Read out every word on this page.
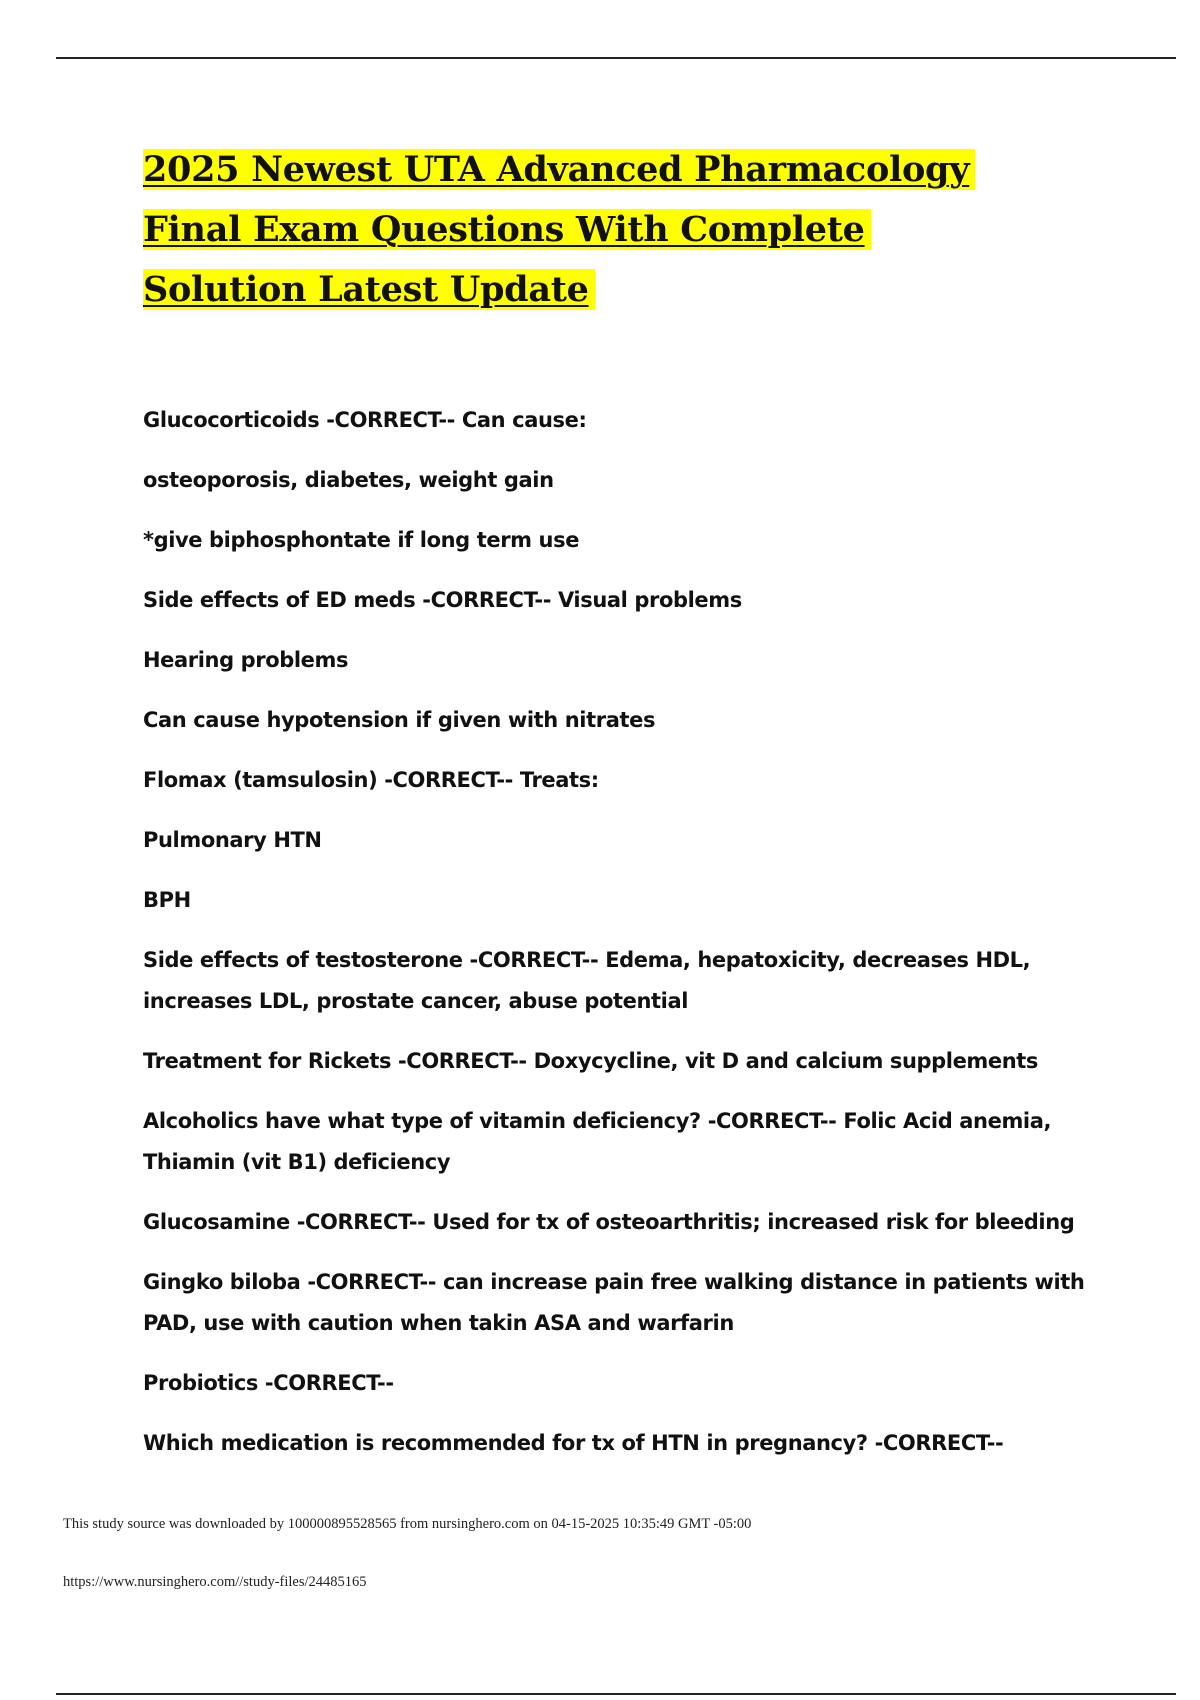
2025 Newest UTA Advanced Pharmacology
Final Exam Questions With Complete
Solution Latest Update
Glucocorticoids -CORRECT-- Can cause:
osteoporosis, diabetes, weight gain
*give biphosphontate if long term use
Side effects of ED meds -CORRECT-- Visual problems
Hearing problems
Can cause hypotension if given with nitrates
Flomax (tamsulosin) -CORRECT-- Treats:
Pulmonary HTN
BPH
Side effects of testosterone -CORRECT-- Edema, hepatoxicity, decreases HDL,
increases LDL, prostate cancer, abuse potential
Treatment for Rickets -CORRECT-- Doxycycline, vit D and calcium supplements
Alcoholics have what type of vitamin deficiency? -CORRECT-- Folic Acid anemia,
Thiamin (vit B1) deficiency
Glucosamine -CORRECT-- Used for tx of osteoarthritis; increased risk for bleeding
Gingko biloba -CORRECT-- can increase pain free walking distance in patients with
PAD, use with caution when takin ASA and warfarin
Probiotics -CORRECT--
Which medication is recommended for tx of HTN in pregnancy? -CORRECT--
This study source was downloaded by 100000895528565 from nursinghero.com on 04-15-2025 10:35:49 GMT -05:00
https://www.nursinghero.com//study-files/24485165
